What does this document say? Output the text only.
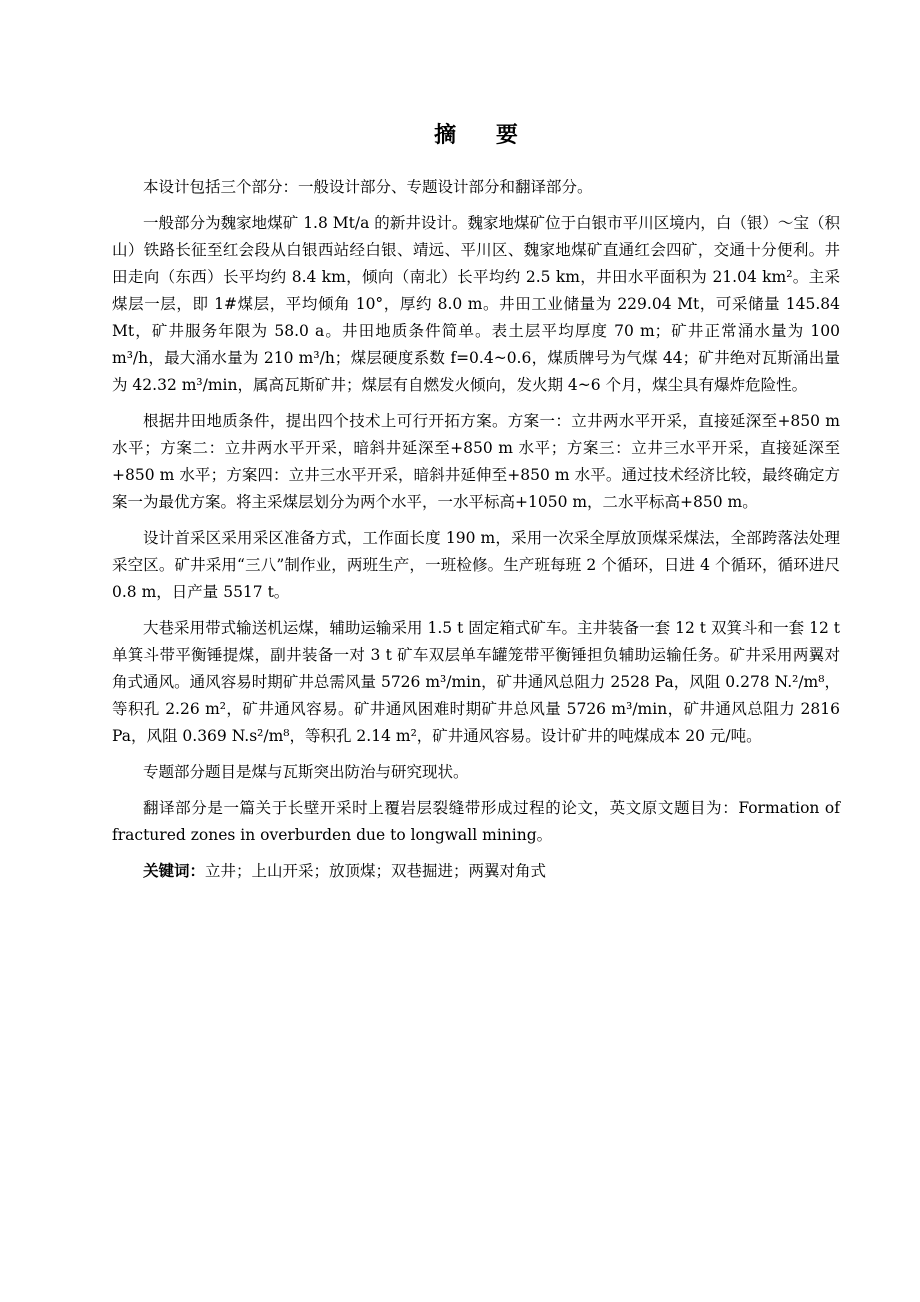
摘 要

本设计包括三个部分：一般设计部分、专题设计部分和翻译部分。

一般部分为魏家地煤矿 1.8 Mt/a 的新井设计。魏家地煤矿位于白银市平川区境内，白（银）～宝（积山）铁路长征至红会段从白银西站经白银、靖远、平川区、魏家地煤矿直通红会四矿，交通十分便利。井田走向（东西）长平均约 8.4 km，倾向（南北）长平均约 2.5 km，井田水平面积为 21.04 km²。主采煤层一层，即 1#煤层，平均倾角 10°，厚约 8.0 m。井田工业储量为 229.04 Mt，可采储量 145.84 Mt，矿井服务年限为 58.0 a。井田地质条件简单。表土层平均厚度 70 m；矿井正常涌水量为 100 m³/h，最大涌水量为 210 m³/h；煤层硬度系数 f=0.4~0.6，煤质牌号为气煤 44；矿井绝对瓦斯涌出量为 42.32 m³/min，属高瓦斯矿井；煤层有自燃发火倾向，发火期 4~6 个月，煤尘具有爆炸危险性。

根据井田地质条件，提出四个技术上可行开拓方案。方案一：立井两水平开采，直接延深至+850 m 水平；方案二：立井两水平开采，暗斜井延深至+850 m 水平；方案三：立井三水平开采，直接延深至+850 m 水平；方案四：立井三水平开采，暗斜井延伸至+850 m 水平。通过技术经济比较，最终确定方案一为最优方案。将主采煤层划分为两个水平，一水平标高+1050 m，二水平标高+850 m。

设计首采区采用采区准备方式，工作面长度 190 m，采用一次采全厚放顶煤采煤法，全部跨落法处理采空区。矿井采用“三八”制作业，两班生产，一班检修。生产班每班 2 个循环，日进 4 个循环，循环进尺 0.8 m，日产量 5517 t。

大巷采用带式输送机运煤，辅助运输采用 1.5 t 固定箱式矿车。主井装备一套 12 t 双箕斗和一套 12 t 单箕斗带平衡锤提煤，副井装备一对 3 t 矿车双层单车罐笼带平衡锤担负辅助运输任务。矿井采用两翼对角式通风。通风容易时期矿井总需风量 5726 m³/min，矿井通风总阻力 2528 Pa，风阻 0.278 N.²/m⁸，等积孔 2.26 m²，矿井通风容易。矿井通风困难时期矿井总风量 5726 m³/min，矿井通风总阻力 2816 Pa，风阻 0.369 N.s²/m⁸，等积孔 2.14 m²，矿井通风容易。设计矿井的吨煤成本 20 元/吨。

专题部分题目是煤与瓦斯突出防治与研究现状。

翻译部分是一篇关于长壁开采时上覆岩层裂缝带形成过程的论文，英文原文题目为：Formation of fractured zones in overburden due to longwall mining。

关键词：立井；上山开采；放顶煤；双巷掘进；两翼对角式
